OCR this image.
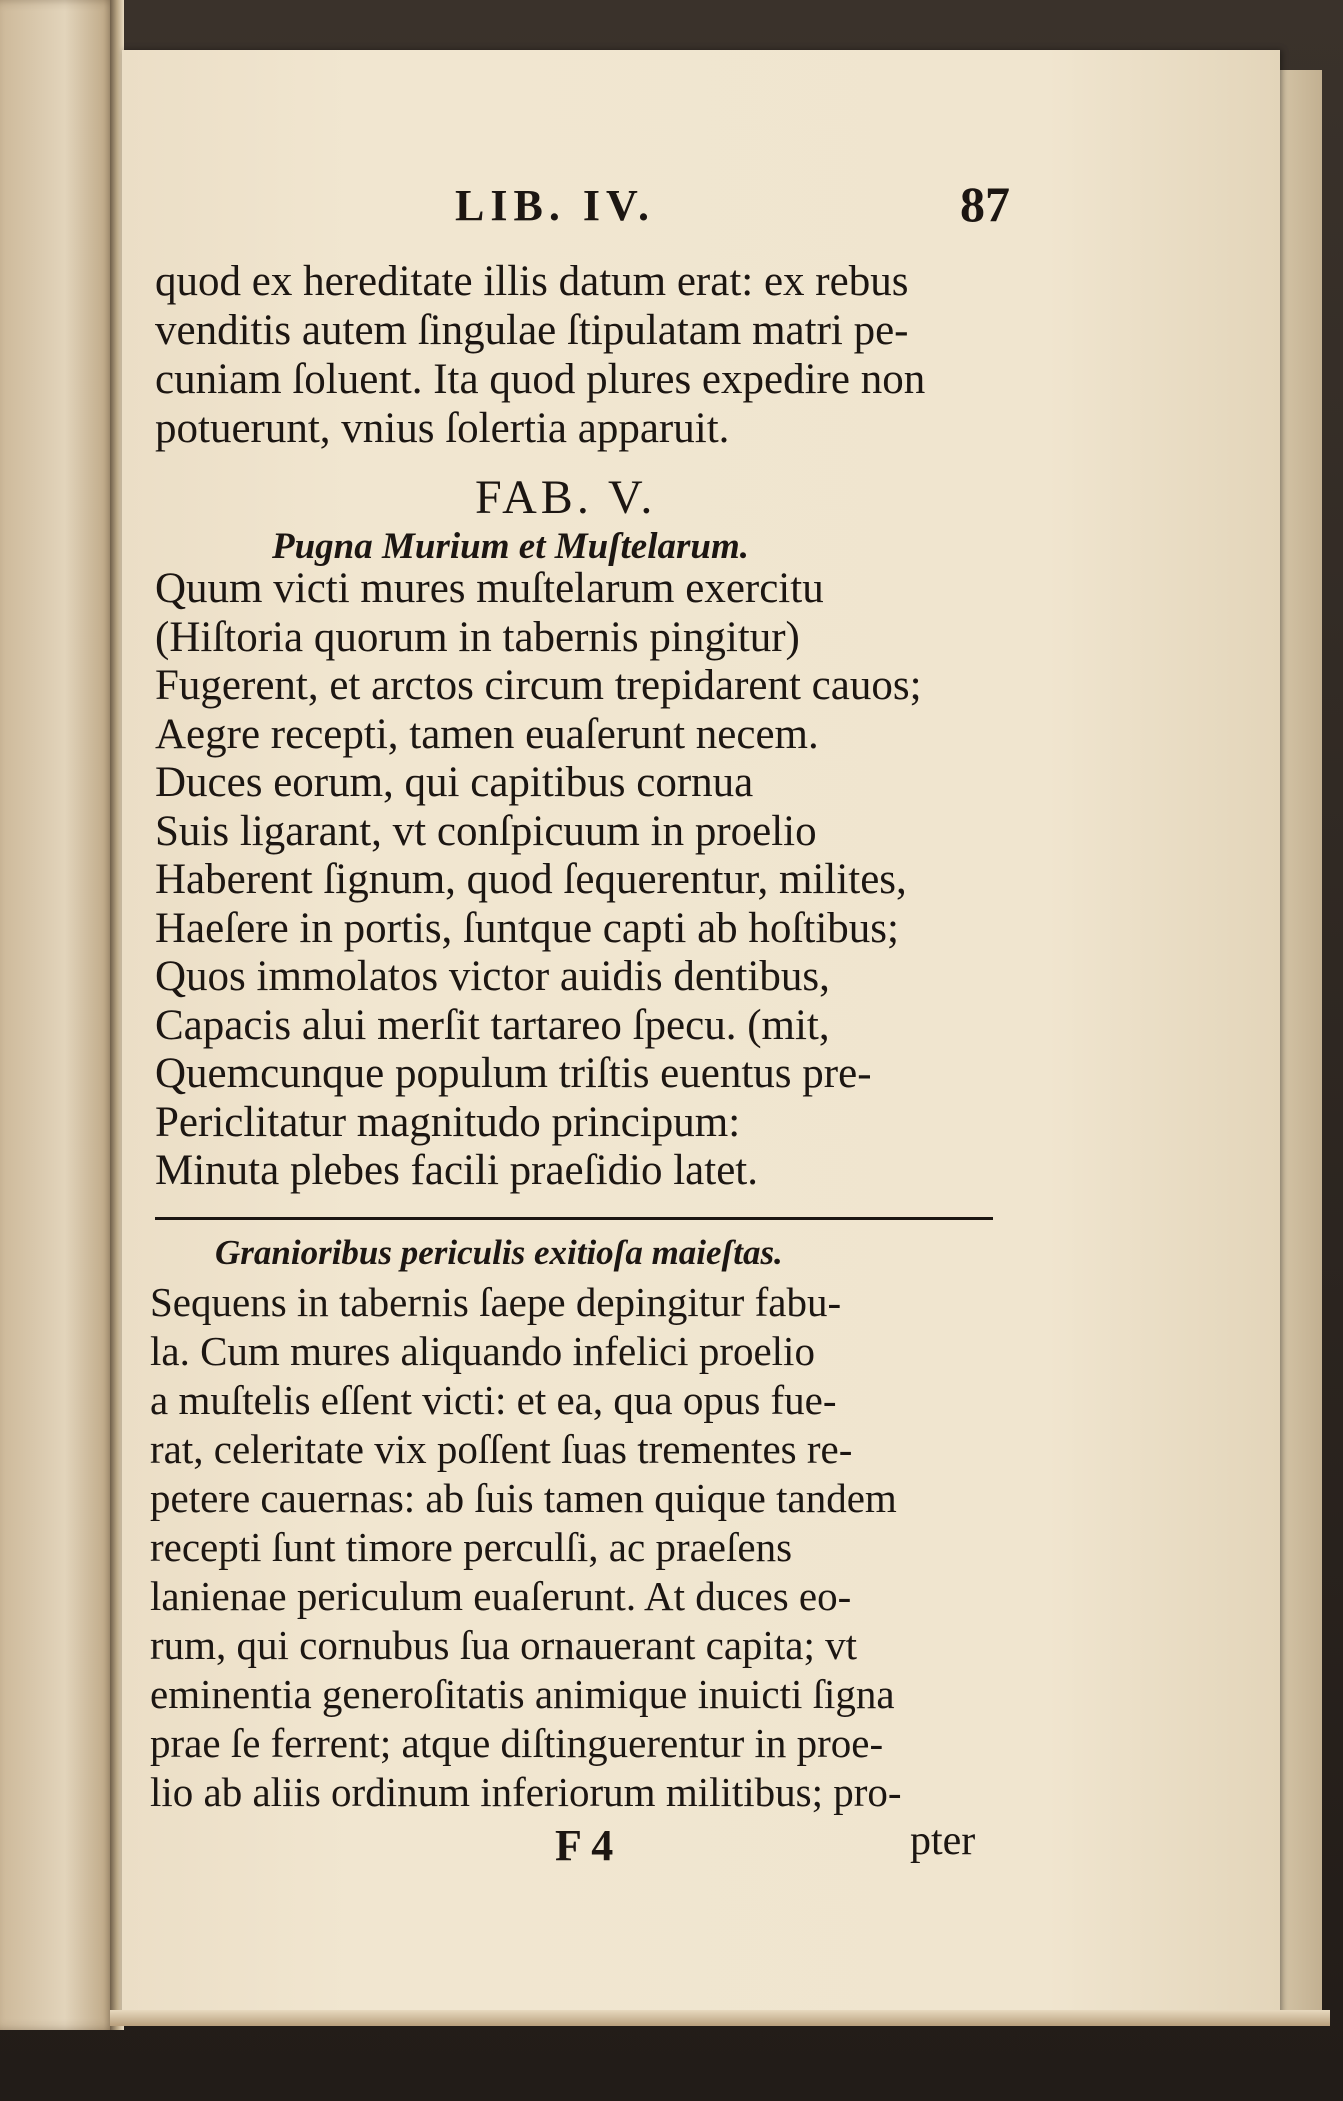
LIB. IV.	87
quod ex hereditate illis datum erat: ex rebus
venditis autem ſingulae ſtipulatam matri pe-
cuniam ſoluent. Ita quod plures expedire non
potuerunt, vnius ſolertia apparuit.
FAB. V.
Pugna Murium et Muſtelarum.
Quum victi mures muſtelarum exercitu
(Hiſtoria quorum in tabernis pingitur)
Fugerent, et arctos circum trepidarent cauos;
Aegre recepti, tamen euaſerunt necem.
Duces eorum, qui capitibus cornua
Suis ligarant, vt conſpicuum in proelio
Haberent ſignum, quod ſequerentur, milites,
Haeſere in portis, ſuntque capti ab hoſtibus;
Quos immolatos victor auidis dentibus,
Capacis alui merſit tartareo ſpecu. (mit,
Quemcunque populum triſtis euentus pre-
Periclitatur magnitudo principum:
Minuta plebes facili praeſidio latet.
Granioribus periculis exitioſa maieſtas.
Sequens in tabernis ſaepe depingitur fabu-
la. Cum mures aliquando infelici proelio
a muſtelis eſſent victi: et ea, qua opus fue-
rat, celeritate vix poſſent ſuas trementes re-
petere cauernas: ab ſuis tamen quique tandem
recepti ſunt timore perculſi, ac praeſens
lanienae periculum euaſerunt. At duces eo-
rum, qui cornubus ſua ornauerant capita; vt
eminentia generoſitatis animique inuicti ſigna
prae ſe ferrent; atque diſtinguerentur in proe-
lio ab aliis ordinum inferiorum militibus; pro-
F 4	pter
